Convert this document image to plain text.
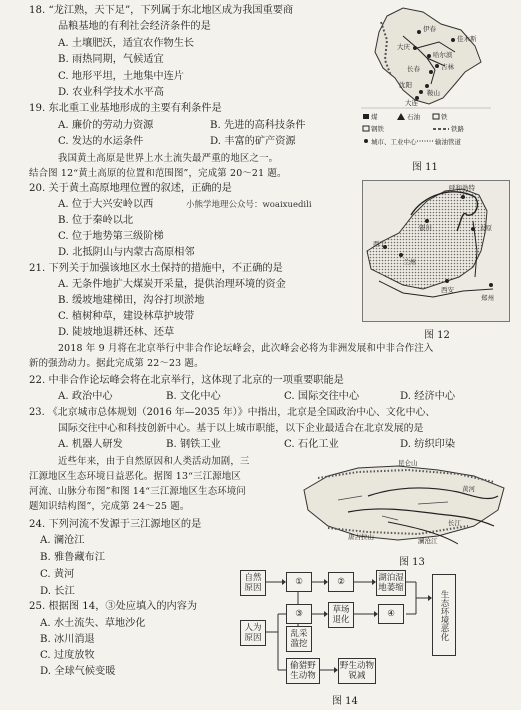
18. “龙江熟，天下足”，下列属于东北地区成为我国重要商
品粮基地的有利社会经济条件的是
A. 土壤肥沃，适宜农作物生长
B. 雨热同期，气候适宜
C. 地形平坦，土地集中连片
D. 农业科学技术水平高
19. 东北重工业基地形成的主要有利条件是
A. 廉价的劳动力资源	B. 先进的高科技条件
C. 发达的水运条件	D. 丰富的矿产资源
煤	石油	铁
钢铁	铁路
城市、工业中心	输油管道
伊春
大庆
哈尔滨
佳木斯
吉林
长春
沈阳
鞍山
大连
图 11
我国黄土高原是世界上水土流失最严重的地区之一。
结合图 12“黄土高原的位置和范围图”，完成第 20～21 题。
20. 关于黄土高原地理位置的叙述，正确的是
A. 位于大兴安岭以西	小熊学地理公众号：woaixuedili
B. 位于秦岭以北
C. 位于地势第三级阶梯
D. 北抵阴山与内蒙古高原相邻
21. 下列关于加强该地区水土保持的措施中，不正确的是
A. 无条件地扩大煤炭开采量，提供治理环境的资金
B. 缓坡地建梯田，沟谷打坝淤地
C. 植树种草，建设林草护坡带
D. 陡坡地退耕还林、还草
呼和浩特
太原
郑州
西安
兰州
西宁
银川
图 12
2018 年 9 月将在北京举行中非合作论坛峰会，此次峰会必将为非洲发展和中非合作注入
新的强劲动力。据此完成第 22～23 题。
22. 中非合作论坛峰会将在北京举行，这体现了北京的一项重要职能是
A. 政治中心	B. 文化中心	C. 国际交往中心	D. 经济中心
23. 《北京城市总体规划（2016 年—2035 年）》中指出，北京是全国政治中心、文化中心、
国际交往中心和科技创新中心。基于以上城市职能，以下企业最适合在北京发展的是
A. 机器人研发	B. 钢铁工业	C. 石化工业	D. 纺织印染
近些年来，由于自然原因和人类活动加剧，三
江源地区生态环境日益恶化。据图 13“三江源地区
河流、山脉分布图”和图 14“三江源地区生态环境问
题知识结构图”，完成第 24～25 题。
昆仑山
黄河
长江
澜沧江
唐古拉山
图 13
24. 下列河流不发源于三江源地区的是
A. 澜沧江
B. 雅鲁藏布江
C. 黄河
D. 长江
25. 根据图 14，③处应填入的内容为
A. 水土流失、草地沙化
B. 冰川消退
C. 过度放牧
D. 全球气候变暖
自然原因
①	②	湖泊湿地萎缩
人为原因
③
乱采滥挖
草场退化
④
偷猎野生动物
野生动物锐减
生态环境恶化
图 14
